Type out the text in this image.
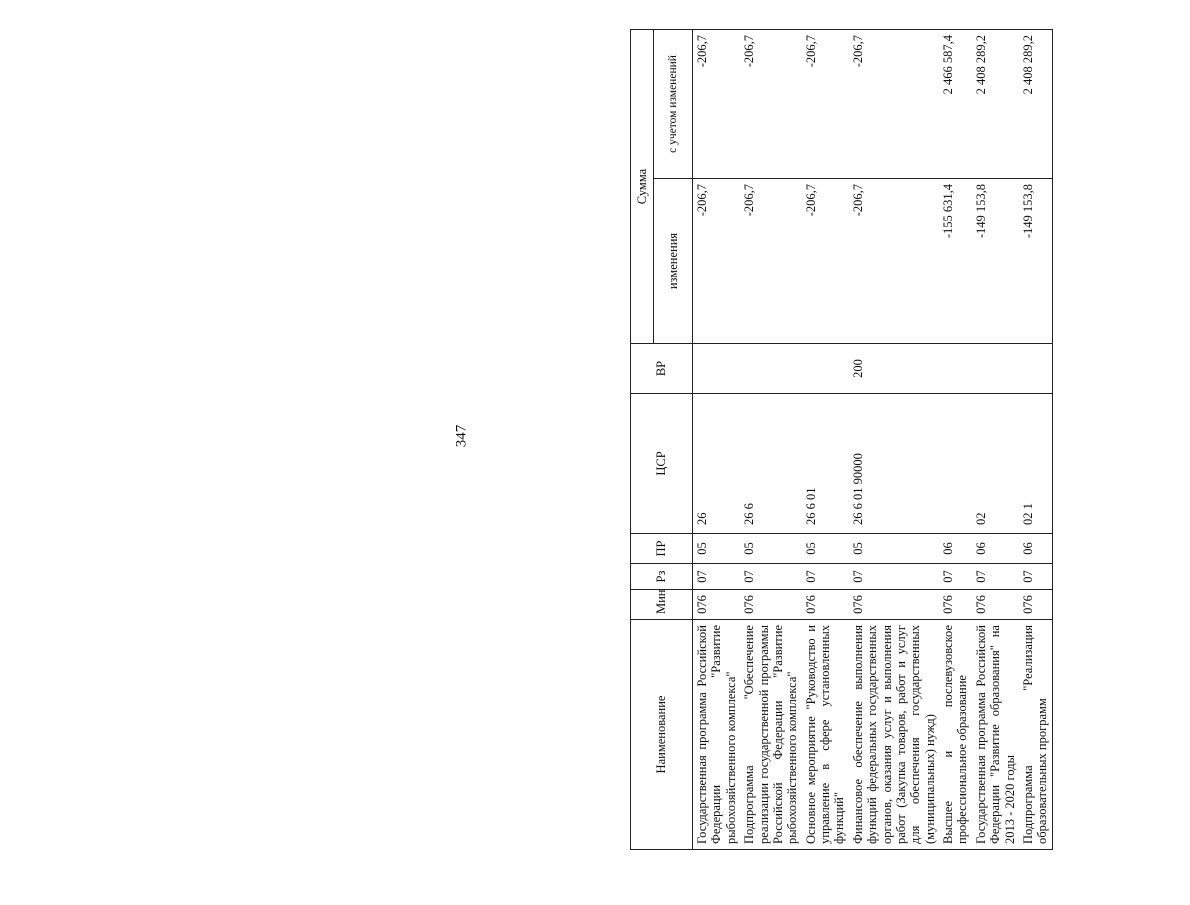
347
Наименование	Мин	Рз	ПР	ЦСР	ВР	Сумма	
						изменения	с учетом изменений
Государственная программа Российской Федерации "Развитие рыбохозяйственного комплекса"	076	07	05	26		-206,7	-206,7
Подпрограмма "Обеспечение реализации государственной программы Российской Федерации "Развитие рыбохозяйственного комплекса"	076	07	05	26 6		-206,7	-206,7
Основное мероприятие "Руководство и управление в сфере установленных функций"	076	07	05	26 6 01		-206,7	-206,7
Финансовое обеспечение выполнения функций федеральных государственных органов, оказания услуг и выполнения работ (Закупка товаров, работ и услуг для обеспечения государственных (муниципальных) нужд)	076	07	05	26 6 01 90000	200	-206,7	-206,7
Высшее и послевузовское профессиональное образование	076	07	06			-155 631,4	2 466 587,4
Государственная программа Российской Федерации "Развитие образования" на 2013 - 2020 годы	076	07	06	02		-149 153,8	2 408 289,2
Подпрограмма "Реализация образовательных программ	076	07	06	02 1		-149 153,8	2 408 289,2
